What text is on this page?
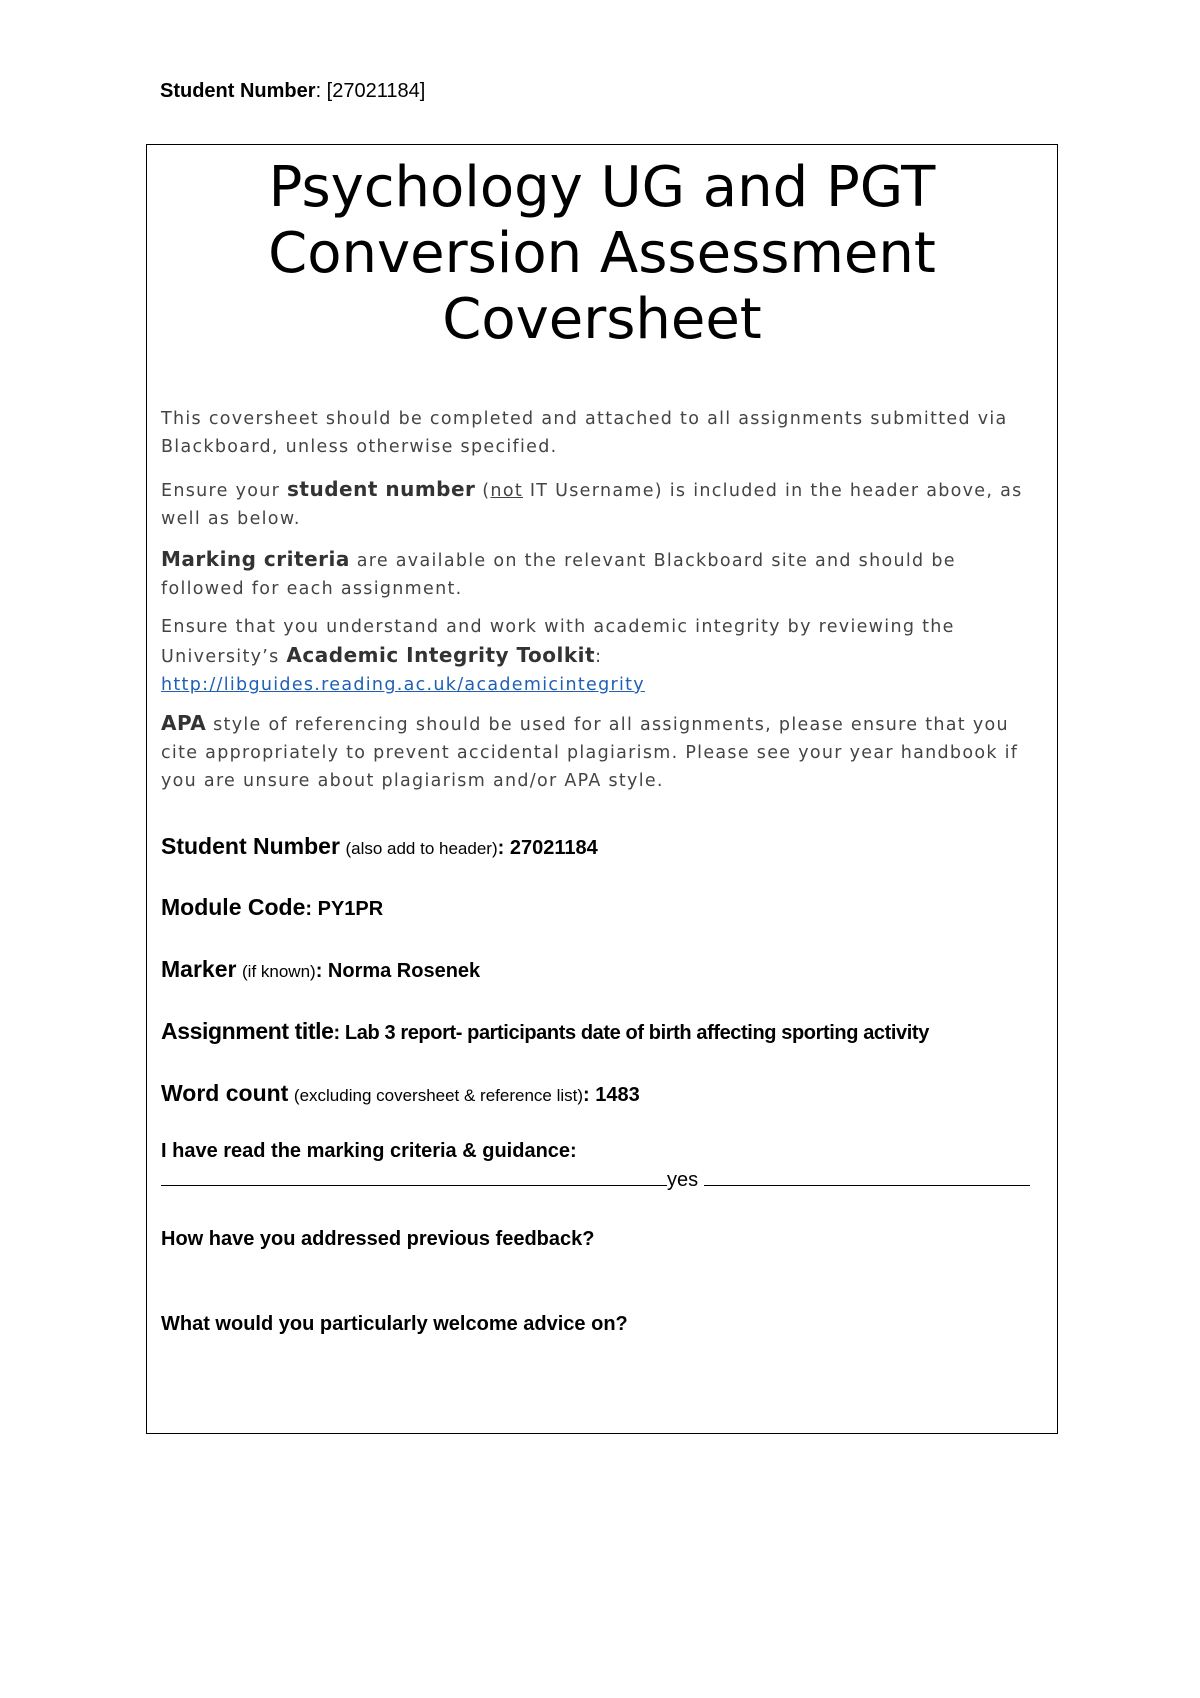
Student Number: [27021184]
Psychology UG and PGT
Conversion Assessment
Coversheet
This coversheet should be completed and attached to all assignments submitted via Blackboard, unless otherwise specified.
Ensure your student number (not IT Username) is included in the header above, as well as below.
Marking criteria are available on the relevant Blackboard site and should be followed for each assignment.
Ensure that you understand and work with academic integrity by reviewing the University’s Academic Integrity Toolkit:
http://libguides.reading.ac.uk/academicintegrity
APA style of referencing should be used for all assignments, please ensure that you cite appropriately to prevent accidental plagiarism. Please see your year handbook if you are unsure about plagiarism and/or APA style.
Student Number (also add to header): 27021184
Module Code: PY1PR
Marker (if known): Norma Rosenek
Assignment title: Lab 3 report- participants date of birth affecting sporting activity
Word count (excluding coversheet & reference list): 1483
I have read the marking criteria & guidance:
yes
How have you addressed previous feedback?
What would you particularly welcome advice on?
